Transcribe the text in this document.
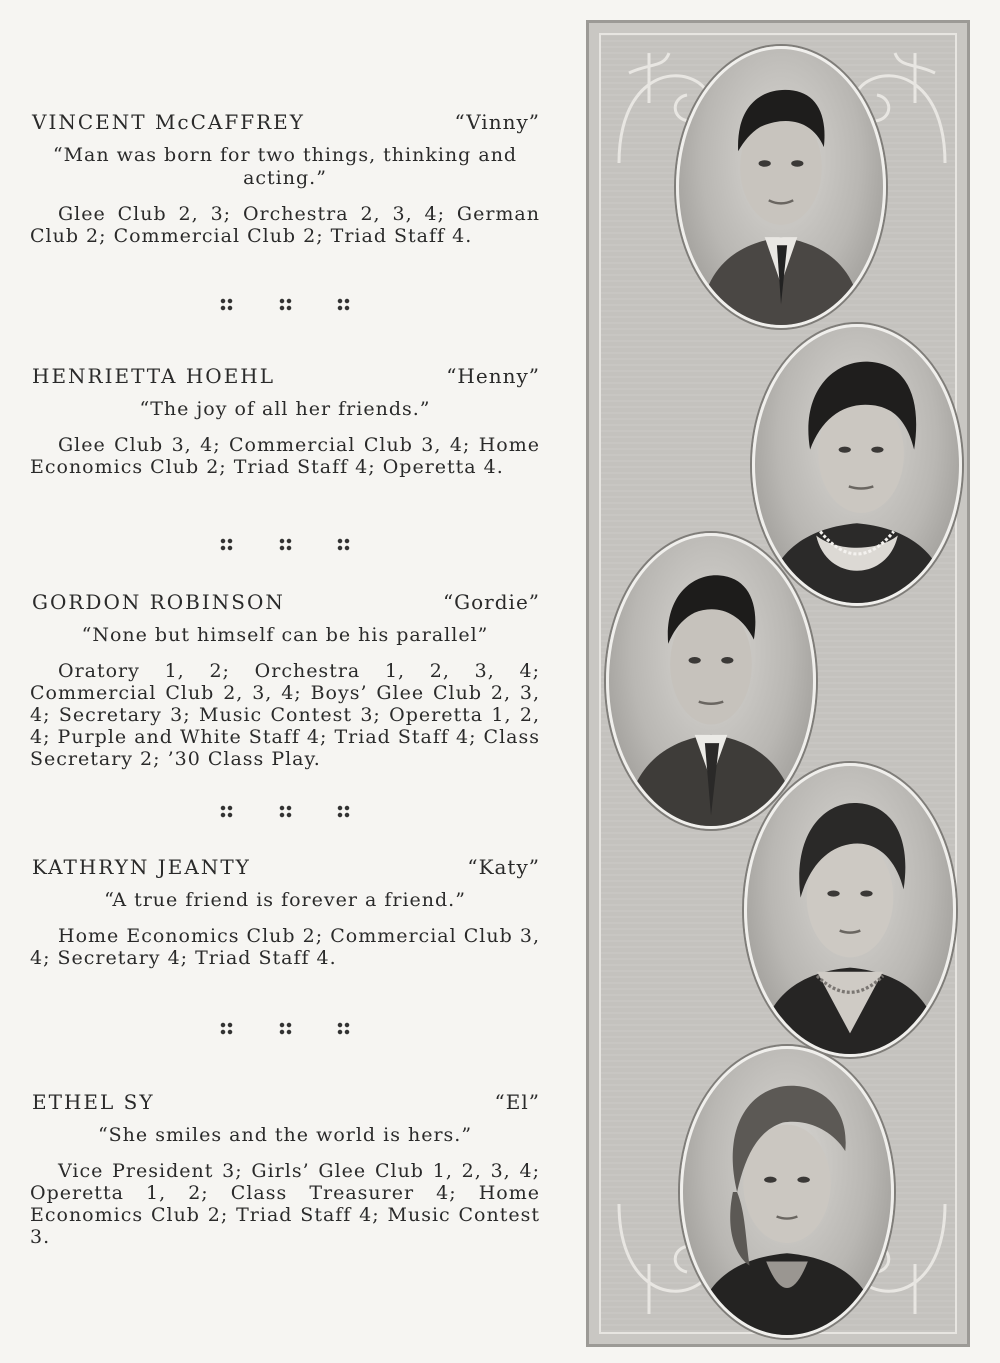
VINCENT McCAFFREY	“Vinny”
“Man was born for two things, thinking and acting.”
Glee Club 2, 3; Orchestra 2, 3, 4; German Club 2; Commercial Club 2; Triad Staff 4.
HENRIETTA HOEHL	“Henny”
“The joy of all her friends.”
Glee Club 3, 4; Commercial Club 3, 4; Home Economics Club 2; Triad Staff 4; Operetta 4.
GORDON ROBINSON	“Gordie”
“None but himself can be his parallel”
Oratory 1, 2; Orchestra 1, 2, 3, 4; Commercial Club 2, 3, 4; Boys’ Glee Club 2, 3, 4; Secretary 3; Music Contest 3; Operetta 1, 2, 4; Purple and White Staff 4; Triad Staff 4; Class Secretary 2; ’30 Class Play.
KATHRYN JEANTY	“Katy”
“A true friend is forever a friend.”
Home Economics Club 2; Commercial Club 3, 4; Secretary 4; Triad Staff 4.
ETHEL SY	“El”
“She smiles and the world is hers.”
Vice President 3; Girls’ Glee Club 1, 2, 3, 4; Operetta 1, 2; Class Treasurer 4; Home Economics Club 2; Triad Staff 4; Music Contest 3.
